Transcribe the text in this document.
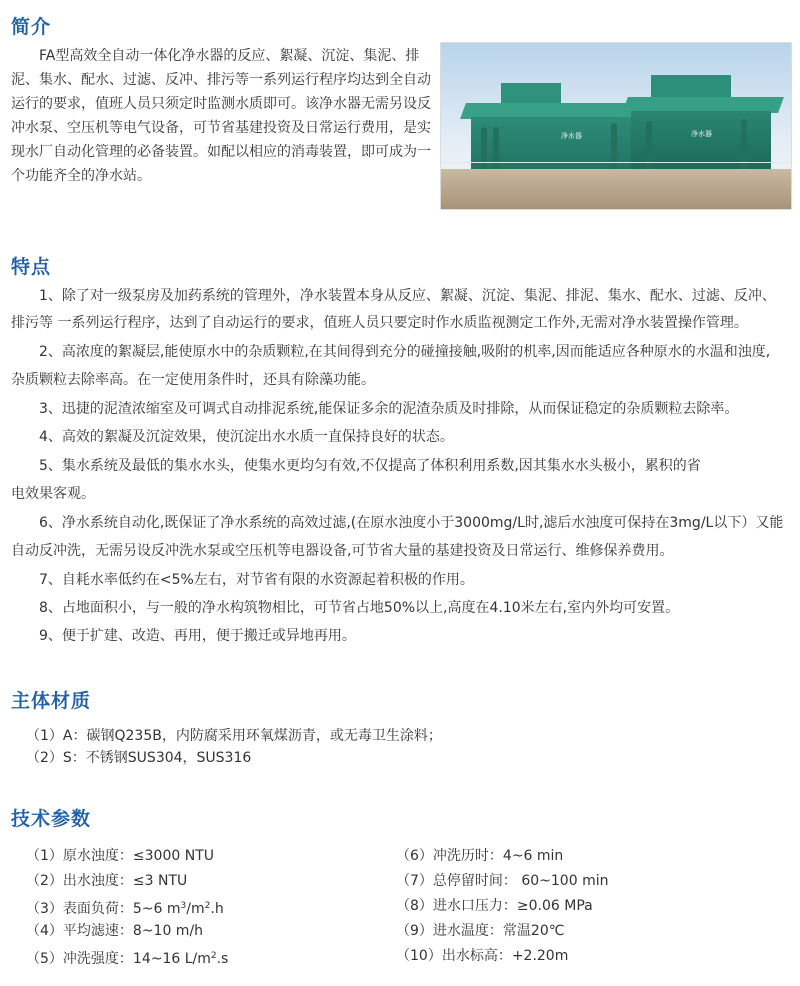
简介

　　FA型高效全自动一体化净水器的反应、絮凝、沉淀、集泥、排泥、集水、配水、过滤、反冲、排污等一系列运行程序均达到全自动运行的要求，值班人员只须定时监测水质即可。该净水器无需另设反冲水泵、空压机等电气设备，可节省基建投资及日常运行费用，是实现水厂自动化管理的必备装置。如配以相应的消毒装置，即可成为一个功能齐全的净水站。

净水器	净水器
特点

　　1、除了对一级泵房及加药系统的管理外，净水装置本身从反应、絮凝、沉淀、集泥、排泥、集水、配水、过滤、反冲、

排污等 一系列运行程序，达到了自动运行的要求，值班人员只要定时作水质监视测定工作外,无需对净水装置操作管理。

　　2、高浓度的絮凝层,能使原水中的杂质颗粒,在其间得到充分的碰撞接触,吸附的机率,因而能适应各种原水的水温和浊度,

杂质颗粒去除率高。在一定使用条件时，还具有除藻功能。

　　3、迅捷的泥渣浓缩室及可调式自动排泥系统,能保证多余的泥渣杂质及时排除，从而保证稳定的杂质颗粒去除率。

　　4、高效的絮凝及沉淀效果，使沉淀出水水质一直保持良好的状态。

　　5、集水系统及最低的集水水头，使集水更均匀有效,不仅提高了体积利用系数,因其集水水头极小，累积的省

电效果客观。

　　6、净水系统自动化,既保证了净水系统的高效过滤,(在原水浊度小于3000mg/L时,滤后水浊度可保持在3mg/L以下）又能

自动反冲洗，无需另设反冲洗水泵或空压机等电器设备,可节省大量的基建投资及日常运行、维修保养费用。

　　7、自耗水率低约在<5%左右，对节省有限的水资源起着积极的作用。

　　8、占地面积小，与一般的净水构筑物相比，可节省占地50%以上,高度在4.10米左右,室内外均可安置。

　　9、便于扩建、改造、再用，便于搬迁或异地再用。

主体材质

（1）A：碳钢Q235B，内防腐采用环氧煤沥青，或无毒卫生涂料；

（2）S：不锈钢SUS304，SUS316

技术参数

（1）原水浊度：≤3000 NTU

（2）出水浊度：≤3 NTU

（3）表面负荷：5~6 $m^3/m^2.h$

（4）平均滤速：8~10 m/h

（5）冲洗强度：14~16 $L/m^2.s$

（6）冲洗历时：4~6 min

（7）总停留时间： 60~100 min

（8）进水口压力：≥0.06 MPa

（9）进水温度：常温20℃

（10）出水标高：+2.20m
